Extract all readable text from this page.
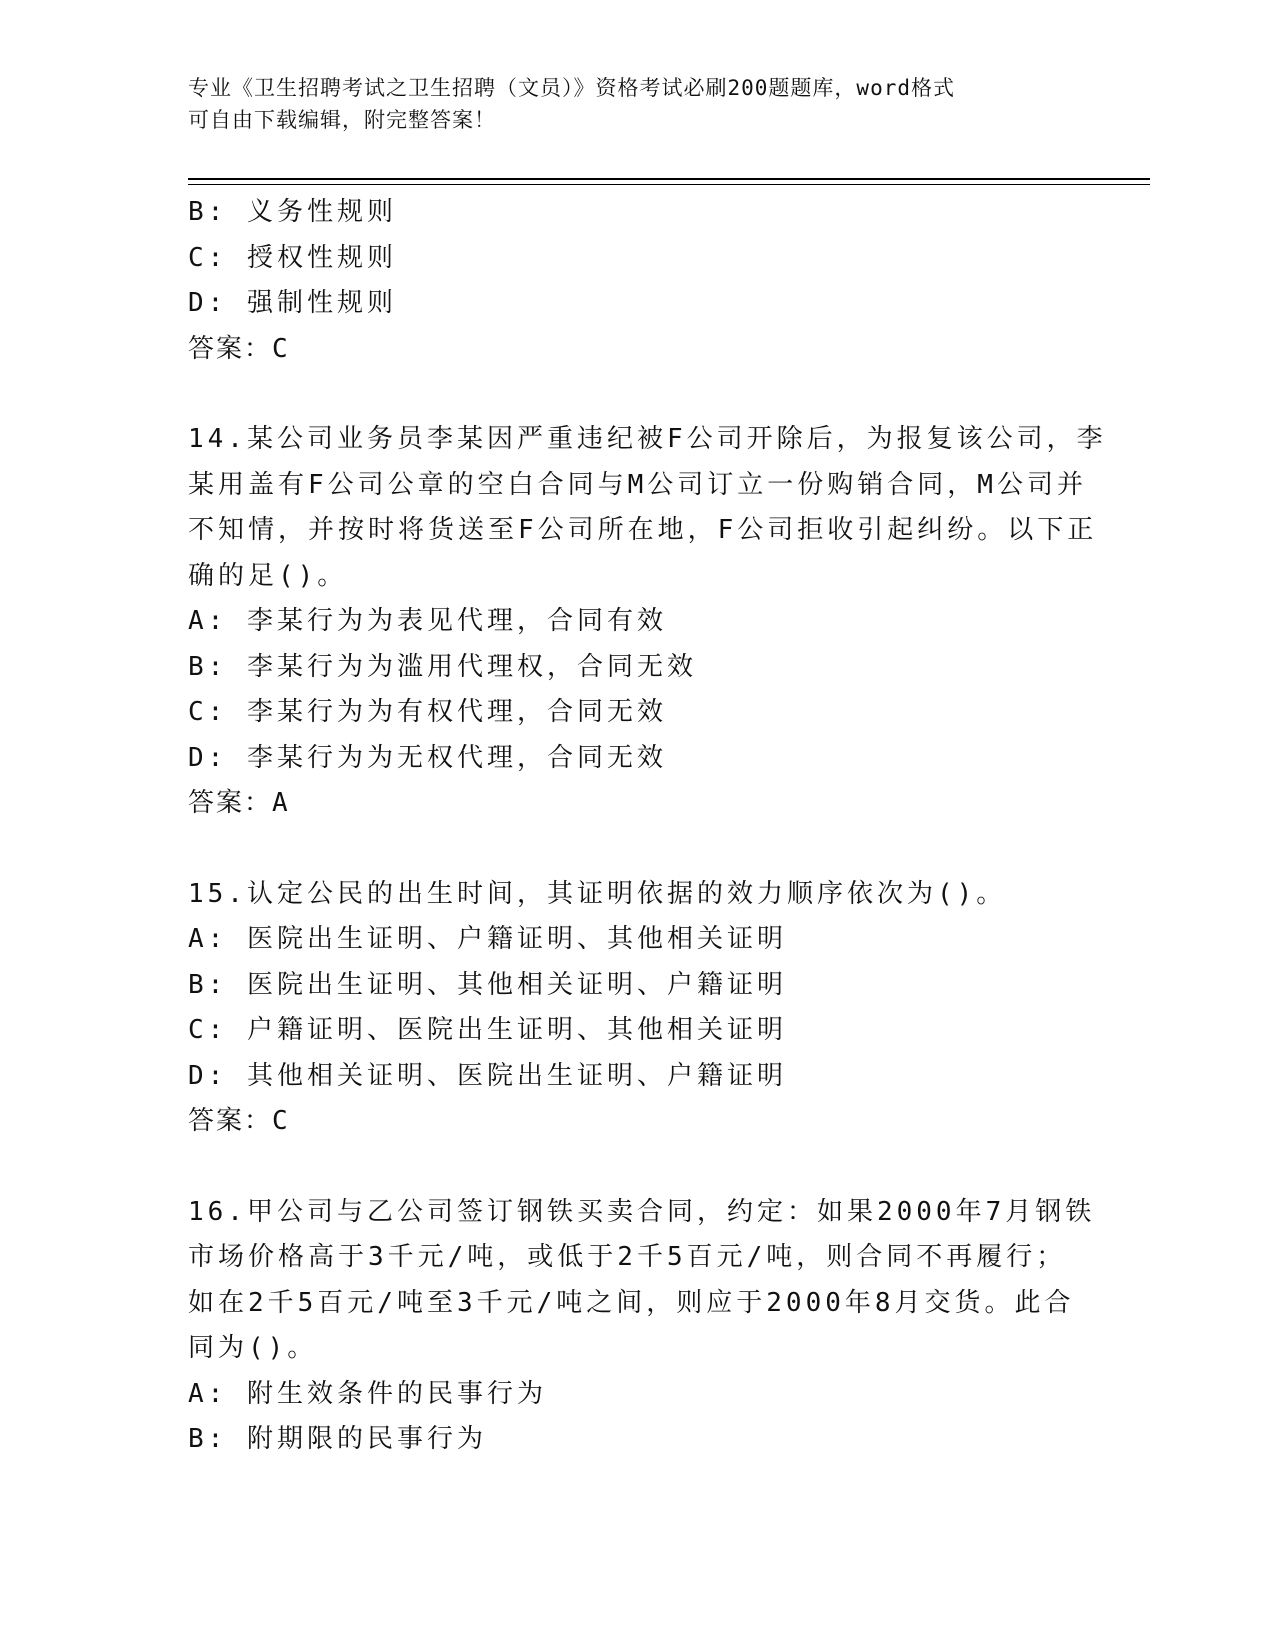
专业《卫生招聘考试之卫生招聘（文员）》资格考试必刷200题题库，word格式
可自由下载编辑，附完整答案！
B: 义务性规则
C: 授权性规则
D: 强制性规则
答案：C
14.某公司业务员李某因严重违纪被F公司开除后，为报复该公司，李
某用盖有F公司公章的空白合同与M公司订立一份购销合同，M公司并
不知情，并按时将货送至F公司所在地，F公司拒收引起纠纷。以下正
确的足()。
A: 李某行为为表见代理，合同有效
B: 李某行为为滥用代理权，合同无效
C: 李某行为为有权代理，合同无效
D: 李某行为为无权代理，合同无效
答案：A
15.认定公民的出生时间，其证明依据的效力顺序依次为()。
A: 医院出生证明、户籍证明、其他相关证明
B: 医院出生证明、其他相关证明、户籍证明
C: 户籍证明、医院出生证明、其他相关证明
D: 其他相关证明、医院出生证明、户籍证明
答案：C
16.甲公司与乙公司签订钢铁买卖合同，约定：如果2000年7月钢铁
市场价格高于3千元/吨，或低于2千5百元/吨，则合同不再履行；
如在2千5百元/吨至3千元/吨之间，则应于2000年8月交货。此合
同为()。
A: 附生效条件的民事行为
B: 附期限的民事行为
